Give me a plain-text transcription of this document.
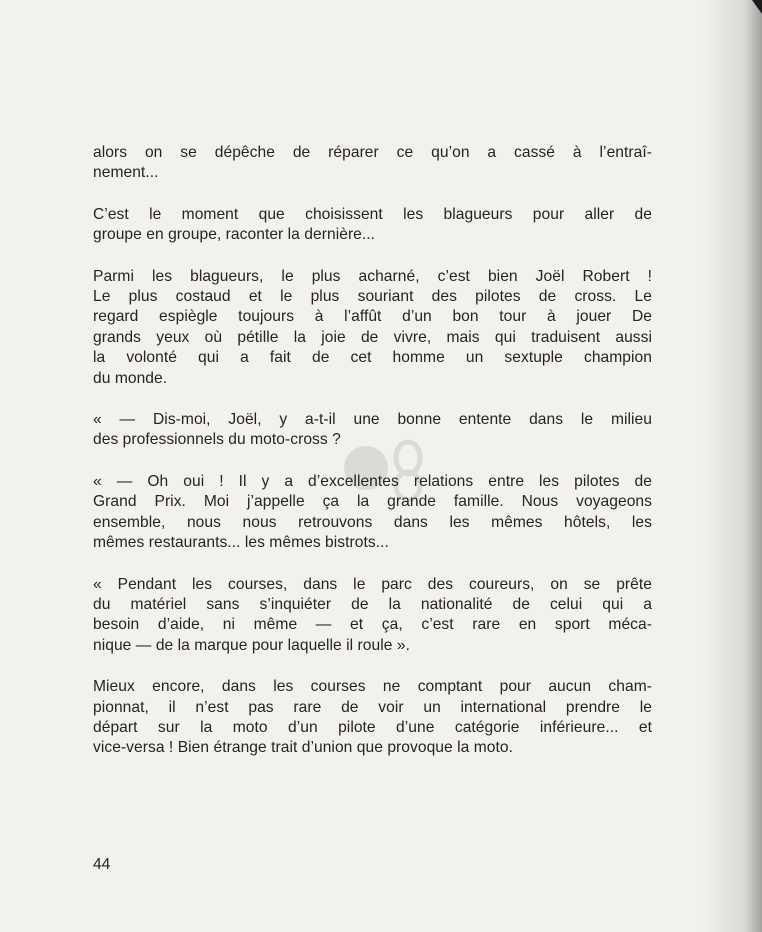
alors on se dépêche de réparer ce qu’on a cassé à l’entraî-
nement...

C’est le moment que choisissent les blagueurs pour aller de
groupe en groupe, raconter la dernière...

Parmi les blagueurs, le plus acharné, c’est bien Joël Robert !
Le plus costaud et le plus souriant des pilotes de cross. Le
regard espiègle toujours à l’affût d’un bon tour à jouer De
grands yeux où pétille la joie de vivre, mais qui traduisent aussi
la volonté qui a fait de cet homme un sextuple champion
du monde.

« — Dis-moi, Joël, y a-t-il une bonne entente dans le milieu
des professionnels du moto-cross ?

« — Oh oui ! Il y a d’excellentes relations entre les pilotes de
Grand Prix. Moi j’appelle ça la grande famille. Nous voyageons
ensemble, nous nous retrouvons dans les mêmes hôtels, les
mêmes restaurants... les mêmes bistrots...

« Pendant les courses, dans le parc des coureurs, on se prête
du matériel sans s’inquiéter de la nationalité de celui qui a
besoin d’aide, ni même — et ça, c’est rare en sport méca-
nique — de la marque pour laquelle il roule ».

Mieux encore, dans les courses ne comptant pour aucun cham-
pionnat, il n’est pas rare de voir un international prendre le
départ sur la moto d’un pilote d’une catégorie inférieure... et
vice-versa ! Bien étrange trait d’union que provoque la moto.

44
